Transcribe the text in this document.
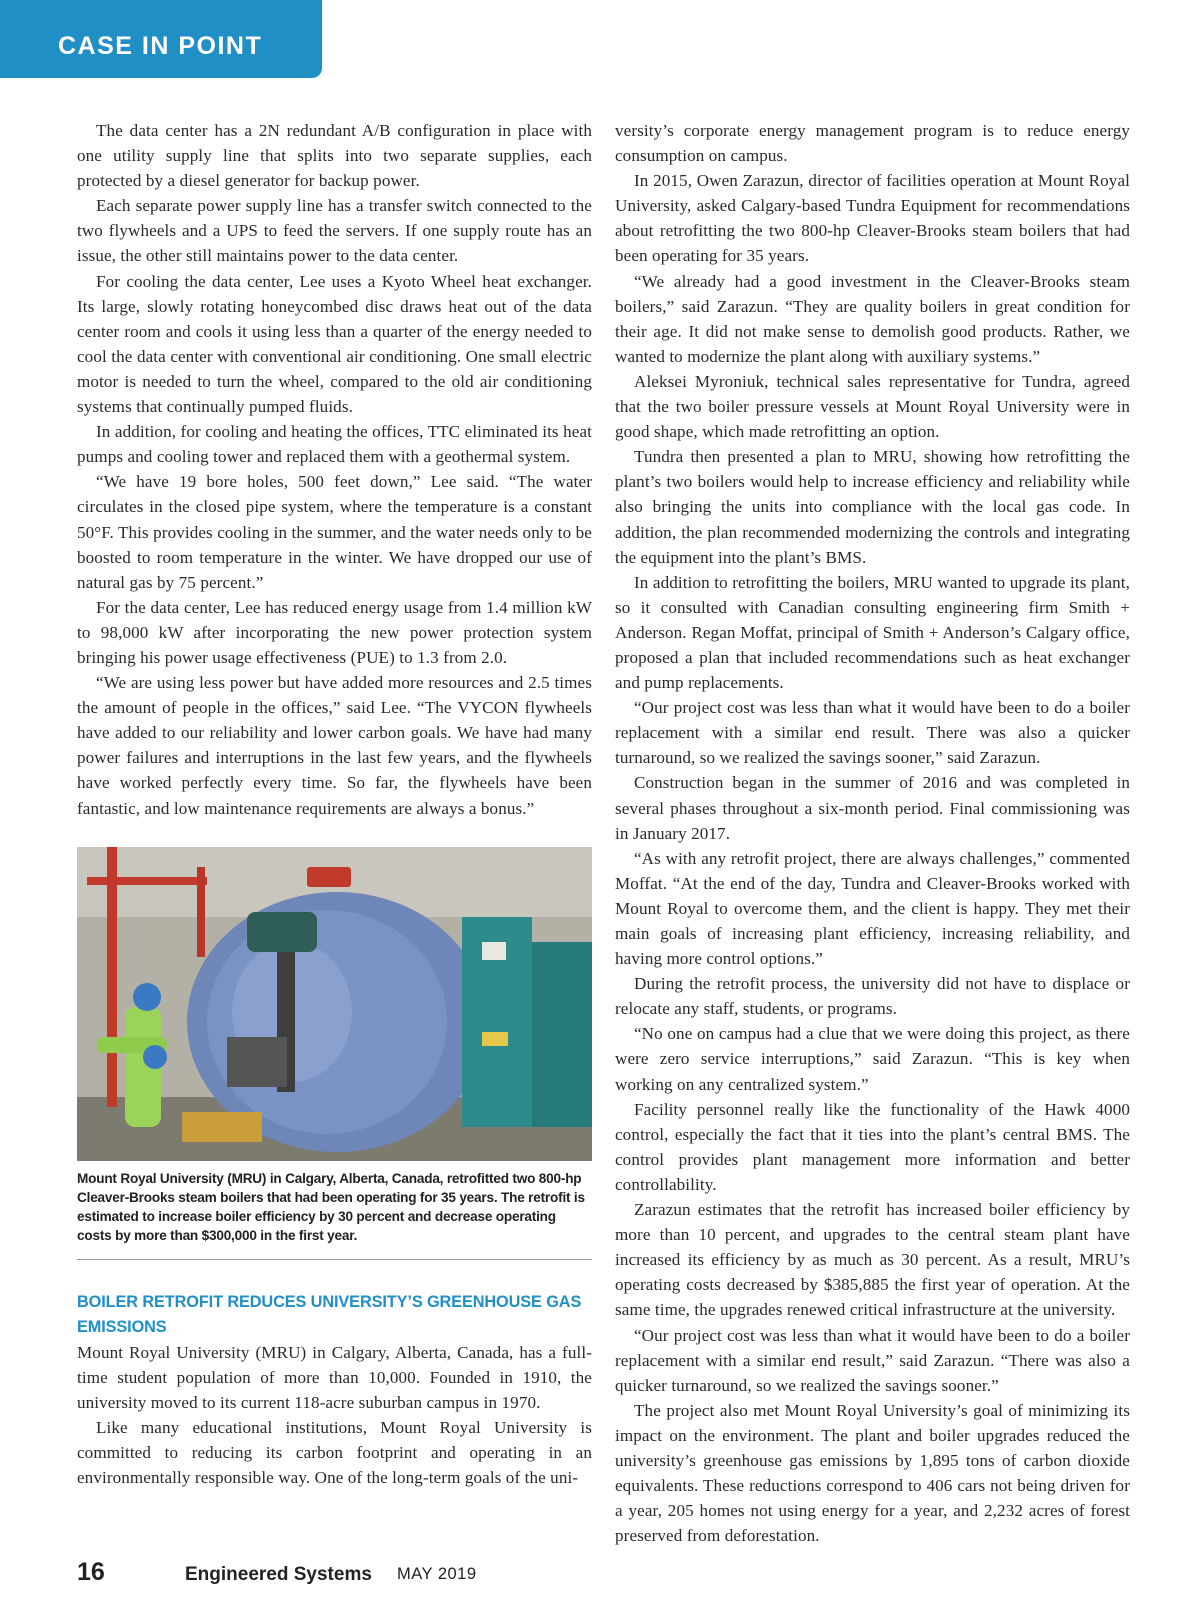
CASE IN POINT

The data center has a 2N redundant A/B configuration in place with one utility supply line that splits into two separate supplies, each protected by a diesel generator for backup power.

Each separate power supply line has a transfer switch connected to the two flywheels and a UPS to feed the servers. If one supply route has an issue, the other still maintains power to the data center.

For cooling the data center, Lee uses a Kyoto Wheel heat exchanger. Its large, slowly rotating honeycombed disc draws heat out of the data center room and cools it using less than a quarter of the energy needed to cool the data center with conventional air conditioning. One small electric motor is needed to turn the wheel, compared to the old air conditioning systems that continually pumped fluids.

In addition, for cooling and heating the offices, TTC eliminated its heat pumps and cooling tower and replaced them with a geothermal system.

“We have 19 bore holes, 500 feet down,” Lee said. “The water circulates in the closed pipe system, where the temperature is a constant 50°F. This provides cooling in the summer, and the water needs only to be boosted to room temperature in the winter. We have dropped our use of natural gas by 75 percent.”

For the data center, Lee has reduced energy usage from 1.4 million kW to 98,000 kW after incorporating the new power protection system bringing his power usage effectiveness (PUE) to 1.3 from 2.0.

“We are using less power but have added more resources and 2.5 times the amount of people in the offices,” said Lee. “The VYCON flywheels have added to our reliability and lower carbon goals. We have had many power failures and interruptions in the last few years, and the flywheels have worked perfectly every time. So far, the flywheels have been fantastic, and low maintenance requirements are always a bonus.”

Mount Royal University (MRU) in Calgary, Alberta, Canada, retrofitted two 800-hp Cleaver-Brooks steam boilers that had been operating for 35 years. The retrofit is estimated to increase boiler efficiency by 30 percent and decrease operating costs by more than $300,000 in the first year.
BOILER RETROFIT REDUCES UNIVERSITY’S GREENHOUSE GAS EMISSIONS

Mount Royal University (MRU) in Calgary, Alberta, Canada, has a full-time student population of more than 10,000. Founded in 1910, the university moved to its current 118-acre suburban campus in 1970.

Like many educational institutions, Mount Royal University is committed to reducing its carbon footprint and operating in an environmentally responsible way. One of the long-term goals of the uni-

versity’s corporate energy management program is to reduce energy consumption on campus.

In 2015, Owen Zarazun, director of facilities operation at Mount Royal University, asked Calgary-based Tundra Equipment for recommendations about retrofitting the two 800-hp Cleaver-Brooks steam boilers that had been operating for 35 years.

“We already had a good investment in the Cleaver-Brooks steam boilers,” said Zarazun. “They are quality boilers in great condition for their age. It did not make sense to demolish good products. Rather, we wanted to modernize the plant along with auxiliary systems.”

Aleksei Myroniuk, technical sales representative for Tundra, agreed that the two boiler pressure vessels at Mount Royal University were in good shape, which made retrofitting an option.

Tundra then presented a plan to MRU, showing how retrofitting the plant’s two boilers would help to increase efficiency and reliability while also bringing the units into compliance with the local gas code. In addition, the plan recommended modernizing the controls and integrating the equipment into the plant’s BMS.

In addition to retrofitting the boilers, MRU wanted to upgrade its plant, so it consulted with Canadian consulting engineering firm Smith + Anderson. Regan Moffat, principal of Smith + Anderson’s Calgary office, proposed a plan that included recommendations such as heat exchanger and pump replacements.

“Our project cost was less than what it would have been to do a boiler replacement with a similar end result. There was also a quicker turnaround, so we realized the savings sooner,” said Zarazun.

Construction began in the summer of 2016 and was completed in several phases throughout a six-month period. Final commissioning was in January 2017.

“As with any retrofit project, there are always challenges,” commented Moffat. “At the end of the day, Tundra and Cleaver-Brooks worked with Mount Royal to overcome them, and the client is happy. They met their main goals of increasing plant efficiency, increasing reliability, and having more control options.”

During the retrofit process, the university did not have to displace or relocate any staff, students, or programs.

“No one on campus had a clue that we were doing this project, as there were zero service interruptions,” said Zarazun. “This is key when working on any centralized system.”

Facility personnel really like the functionality of the Hawk 4000 control, especially the fact that it ties into the plant’s central BMS. The control provides plant management more information and better controllability.

Zarazun estimates that the retrofit has increased boiler efficiency by more than 10 percent, and upgrades to the central steam plant have increased its efficiency by as much as 30 percent. As a result, MRU’s operating costs decreased by $385,885 the first year of operation. At the same time, the upgrades renewed critical infrastructure at the university.

“Our project cost was less than what it would have been to do a boiler replacement with a similar end result,” said Zarazun. “There was also a quicker turnaround, so we realized the savings sooner.”

The project also met Mount Royal University’s goal of minimizing its impact on the environment. The plant and boiler upgrades reduced the university’s greenhouse gas emissions by 1,895 tons of carbon dioxide equivalents. These reductions correspond to 406 cars not being driven for a year, 205 homes not using energy for a year, and 2,232 acres of forest preserved from deforestation.

16	Engineered Systems MAY 2019
